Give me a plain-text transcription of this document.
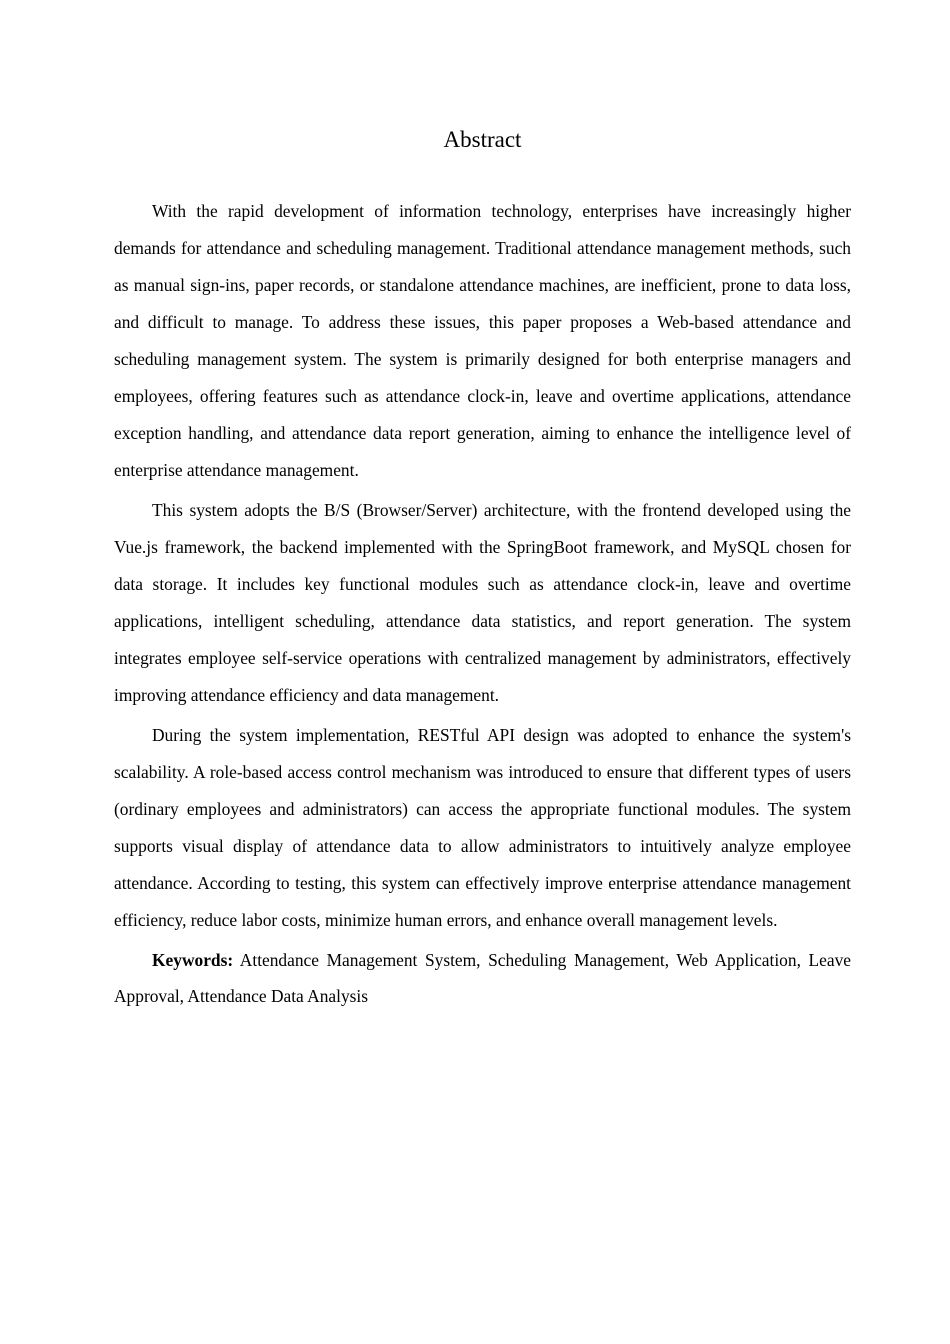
Abstract

With the rapid development of information technology, enterprises have increasingly higher demands for attendance and scheduling management. Traditional attendance management methods, such as manual sign-ins, paper records, or standalone attendance machines, are inefficient, prone to data loss, and difficult to manage. To address these issues, this paper proposes a Web-based attendance and scheduling management system. The system is primarily designed for both enterprise managers and employees, offering features such as attendance clock-in, leave and overtime applications, attendance exception handling, and attendance data report generation, aiming to enhance the intelligence level of enterprise attendance management.

This system adopts the B/S (Browser/Server) architecture, with the frontend developed using the Vue.js framework, the backend implemented with the SpringBoot framework, and MySQL chosen for data storage. It includes key functional modules such as attendance clock-in, leave and overtime applications, intelligent scheduling, attendance data statistics, and report generation. The system integrates employee self-service operations with centralized management by administrators, effectively improving attendance efficiency and data management.

During the system implementation, RESTful API design was adopted to enhance the system's scalability. A role-based access control mechanism was introduced to ensure that different types of users (ordinary employees and administrators) can access the appropriate functional modules. The system supports visual display of attendance data to allow administrators to intuitively analyze employee attendance. According to testing, this system can effectively improve enterprise attendance management efficiency, reduce labor costs, minimize human errors, and enhance overall management levels.

Keywords: Attendance Management System, Scheduling Management, Web Application, Leave Approval, Attendance Data Analysis
